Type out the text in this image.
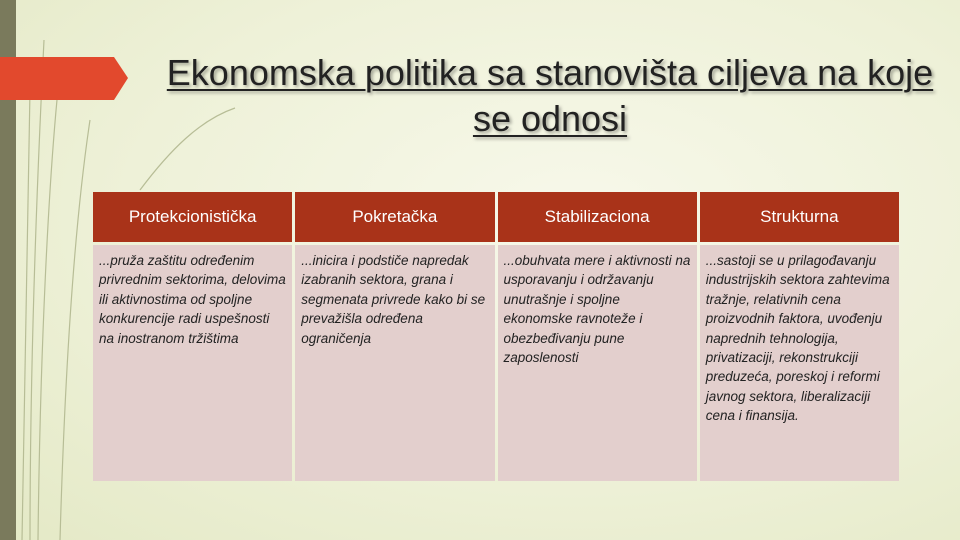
Ekonomska politika sa stanovišta ciljeva na koje se odnosi
Protekcionistička	Pokretačka	Stabilizaciona	Strukturna
...pruža zaštitu određenim privrednim sektorima, delovima ili aktivnostima od spoljne konkurencije radi uspešnosti na inostranom tržištima	...inicira i podstiče napredak izabranih sektora, grana i segmenata privrede kako bi se prevažišla određena ograničenja	...obuhvata mere i aktivnosti na usporavanju i održavanju unutrašnje i spoljne ekonomske ravnoteže i obezbeđivanju pune zaposlenosti	...sastoji se u prilagođavanju industrijskih sektora zahtevima tražnje, relativnih cena proizvodnih faktora, uvođenju naprednih tehnologija, privatizaciji, rekonstrukciji preduzeća, poreskoj i reformi javnog sektora, liberalizaciji cena i finansija.
